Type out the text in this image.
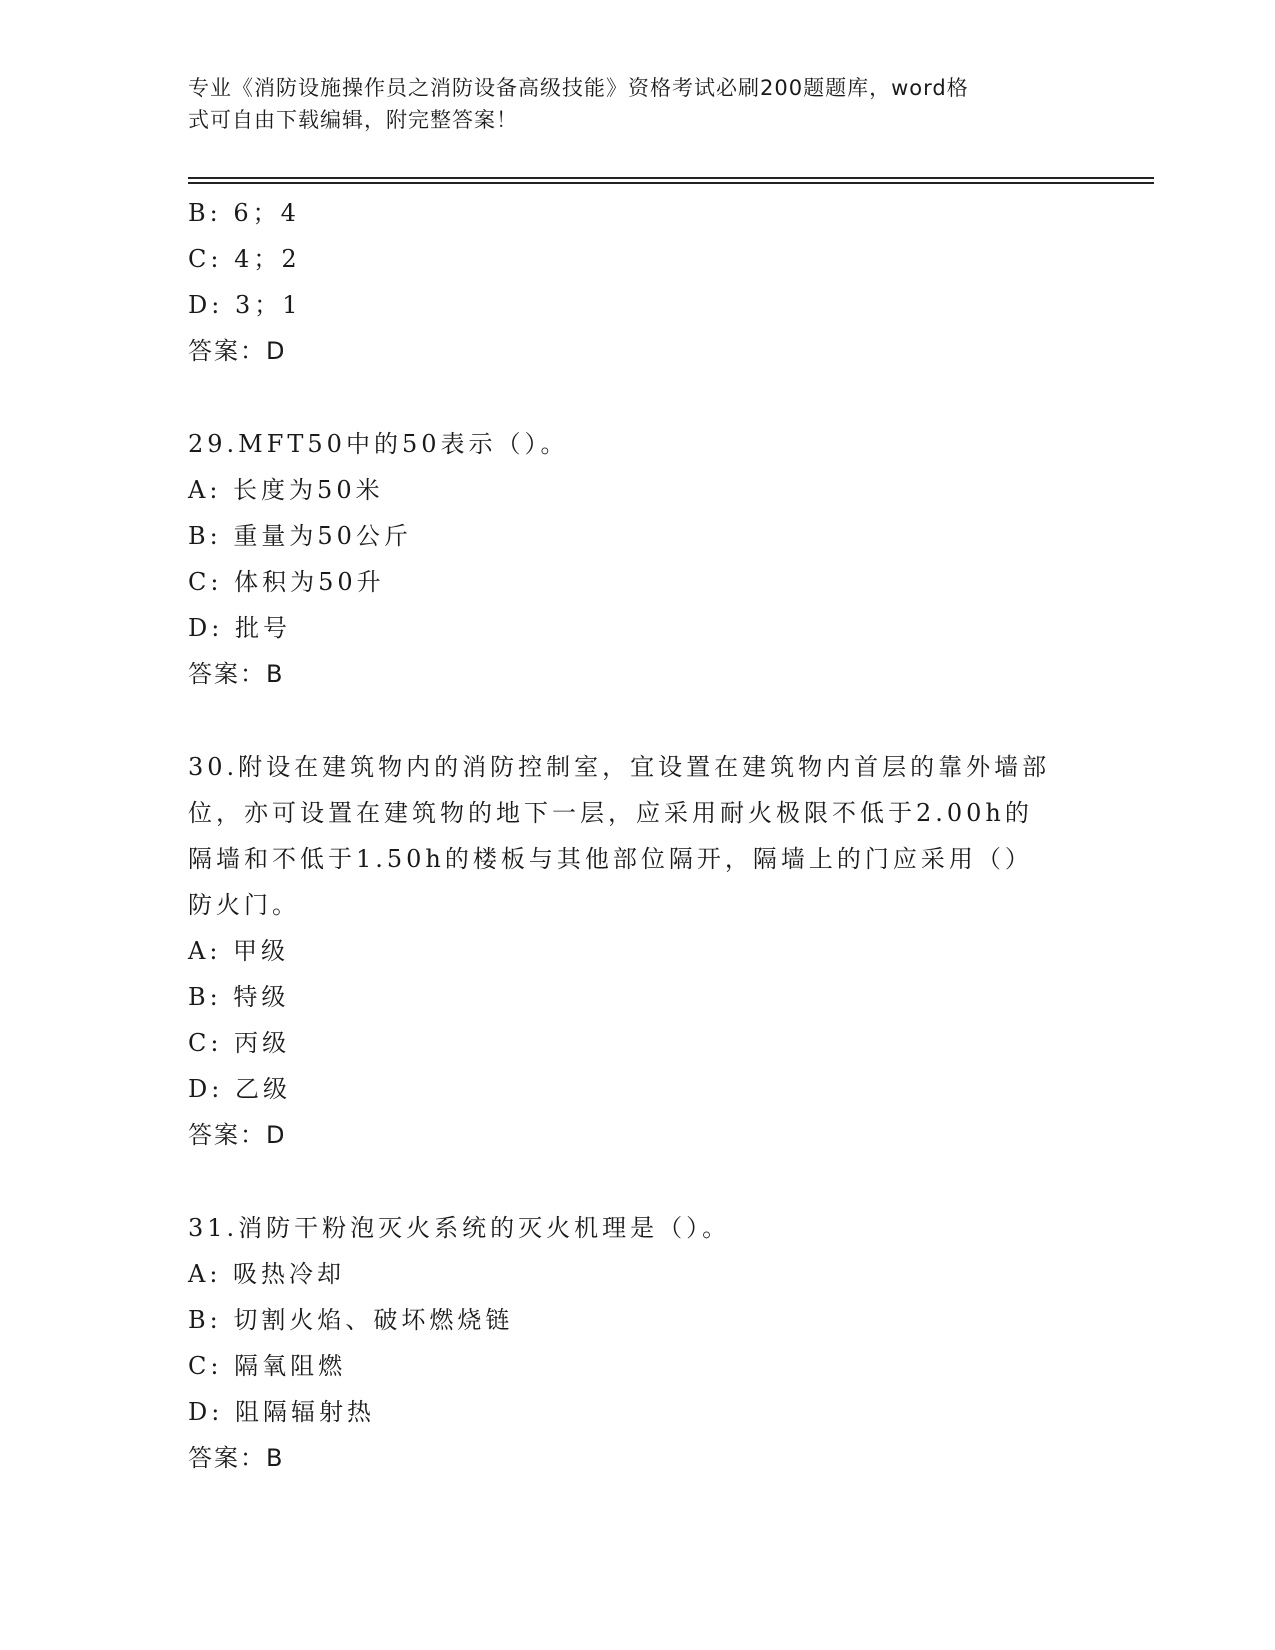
专业《消防设施操作员之消防设备高级技能》资格考试必刷200题题库，word格
式可自由下载编辑，附完整答案！
B: 6；4
C: 4；2
D: 3；1
答案：D
29.MFT50中的50表示（）。
A: 长度为50米
B: 重量为50公斤
C: 体积为50升
D: 批号
答案：B
30.附设在建筑物内的消防控制室，宜设置在建筑物内首层的靠外墙部
位，亦可设置在建筑物的地下一层，应采用耐火极限不低于2.00h的
隔墙和不低于1.50h的楼板与其他部位隔开，隔墙上的门应采用（）
防火门。
A: 甲级
B: 特级
C: 丙级
D: 乙级
答案：D
31.消防干粉泡灭火系统的灭火机理是（）。
A: 吸热冷却
B: 切割火焰、破坏燃烧链
C: 隔氧阻燃
D: 阻隔辐射热
答案：B
